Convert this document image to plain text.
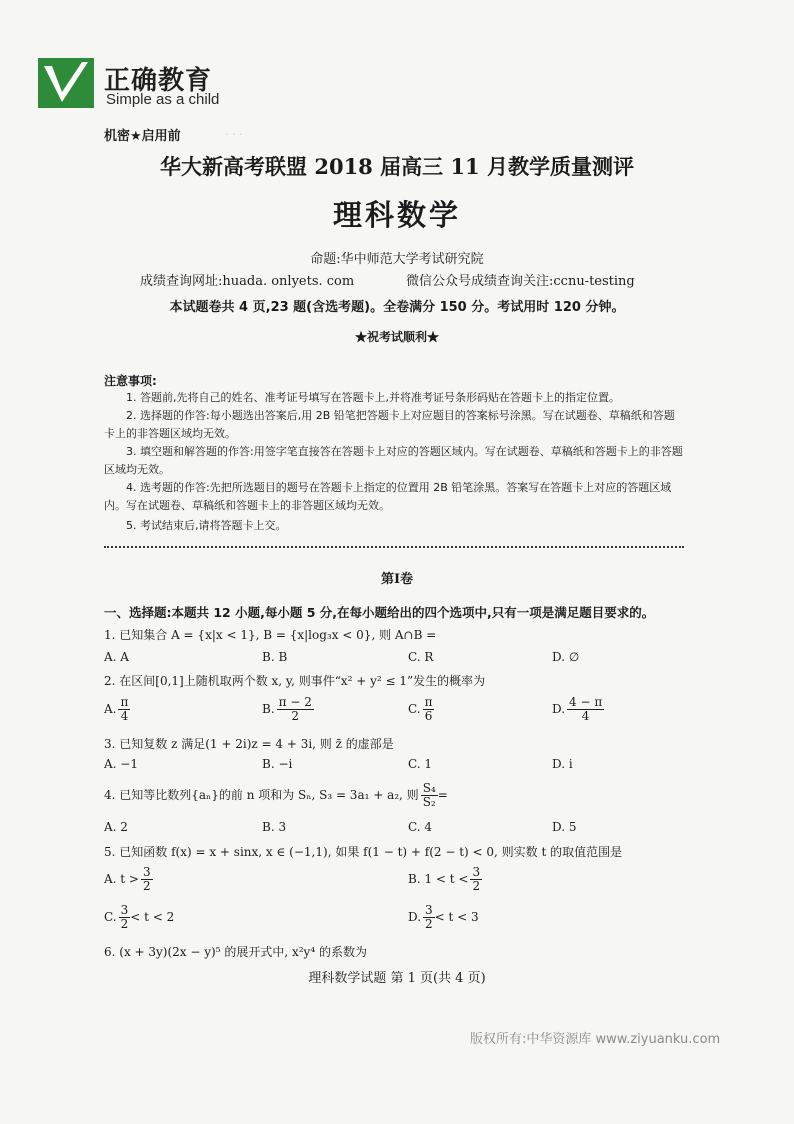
正确教育
Simple as a child
· · ·
机密★启用前
华大新高考联盟 2018 届高三 11 月教学质量测评
理科数学
命题:华中师范大学考试研究院
成绩查询网址:huada. onlyets. com	微信公众号成绩查询关注:ccnu-testing
本试题卷共 4 页,23 题(含选考题)。全卷满分 150 分。考试用时 120 分钟。
★祝考试顺利★
注意事项:
1. 答题前,先将自己的姓名、准考证号填写在答题卡上,并将准考证号条形码贴在答题卡上的指定位置。
2. 选择题的作答:每小题选出答案后,用 2B 铅笔把答题卡上对应题目的答案标号涂黑。写在试题卷、草稿纸和答题卡上的非答题区域均无效。
3. 填空题和解答题的作答:用签字笔直接答在答题卡上对应的答题区域内。写在试题卷、草稿纸和答题卡上的非答题区域均无效。
4. 选考题的作答:先把所选题目的题号在答题卡上指定的位置用 2B 铅笔涂黑。答案写在答题卡上对应的答题区域内。写在试题卷、草稿纸和答题卡上的非答题区域均无效。
5. 考试结束后,请将答题卡上交。
第Ⅰ卷
一、选择题:本题共 12 小题,每小题 5 分,在每小题给出的四个选项中,只有一项是满足题目要求的。
1. 已知集合 A = {x|x < 1}, B = {x|log₃x < 0}, 则 A∩B =
A. A	B. B	C. R	D. ∅
2. 在区间[0,1]上随机取两个数 x, y, 则事件“x² + y² ≤ 1”发生的概率为
A. $\frac{\pi}{4}$	B. $\frac{\pi - 2}{2}$	C. $\frac{\pi}{6}$	D. $\frac{4 - \pi}{4}$
3. 已知复数 z 满足(1 + 2i)z = 4 + 3i, 则 z̄ 的虚部是
A. −1	B. −i	C. 1	D. i
4. 已知等比数列{aₙ}的前 n 项和为 Sₙ, S₃ = 3a₁ + a₂, 则 $\frac{\text{S₄}}{\text{S₂}}$ =
A. 2	B. 3	C. 4	D. 5
5. 已知函数 f(x) = x + sinx, x ∈ (−1,1), 如果 f(1 − t) + f(2 − t) < 0, 则实数 t 的取值范围是
A. $t > \frac{3}{2}$	B. $1 < t < \frac{3}{2}$
C. $\frac{3}{2} < t < 2$	D. $\frac{3}{2} < t < 3$
6. (x + 3y)(2x − y)⁵ 的展开式中, x²y⁴ 的系数为
理科数学试题 第 1 页(共 4 页)
版权所有:中华资源库 www.ziyuanku.com
